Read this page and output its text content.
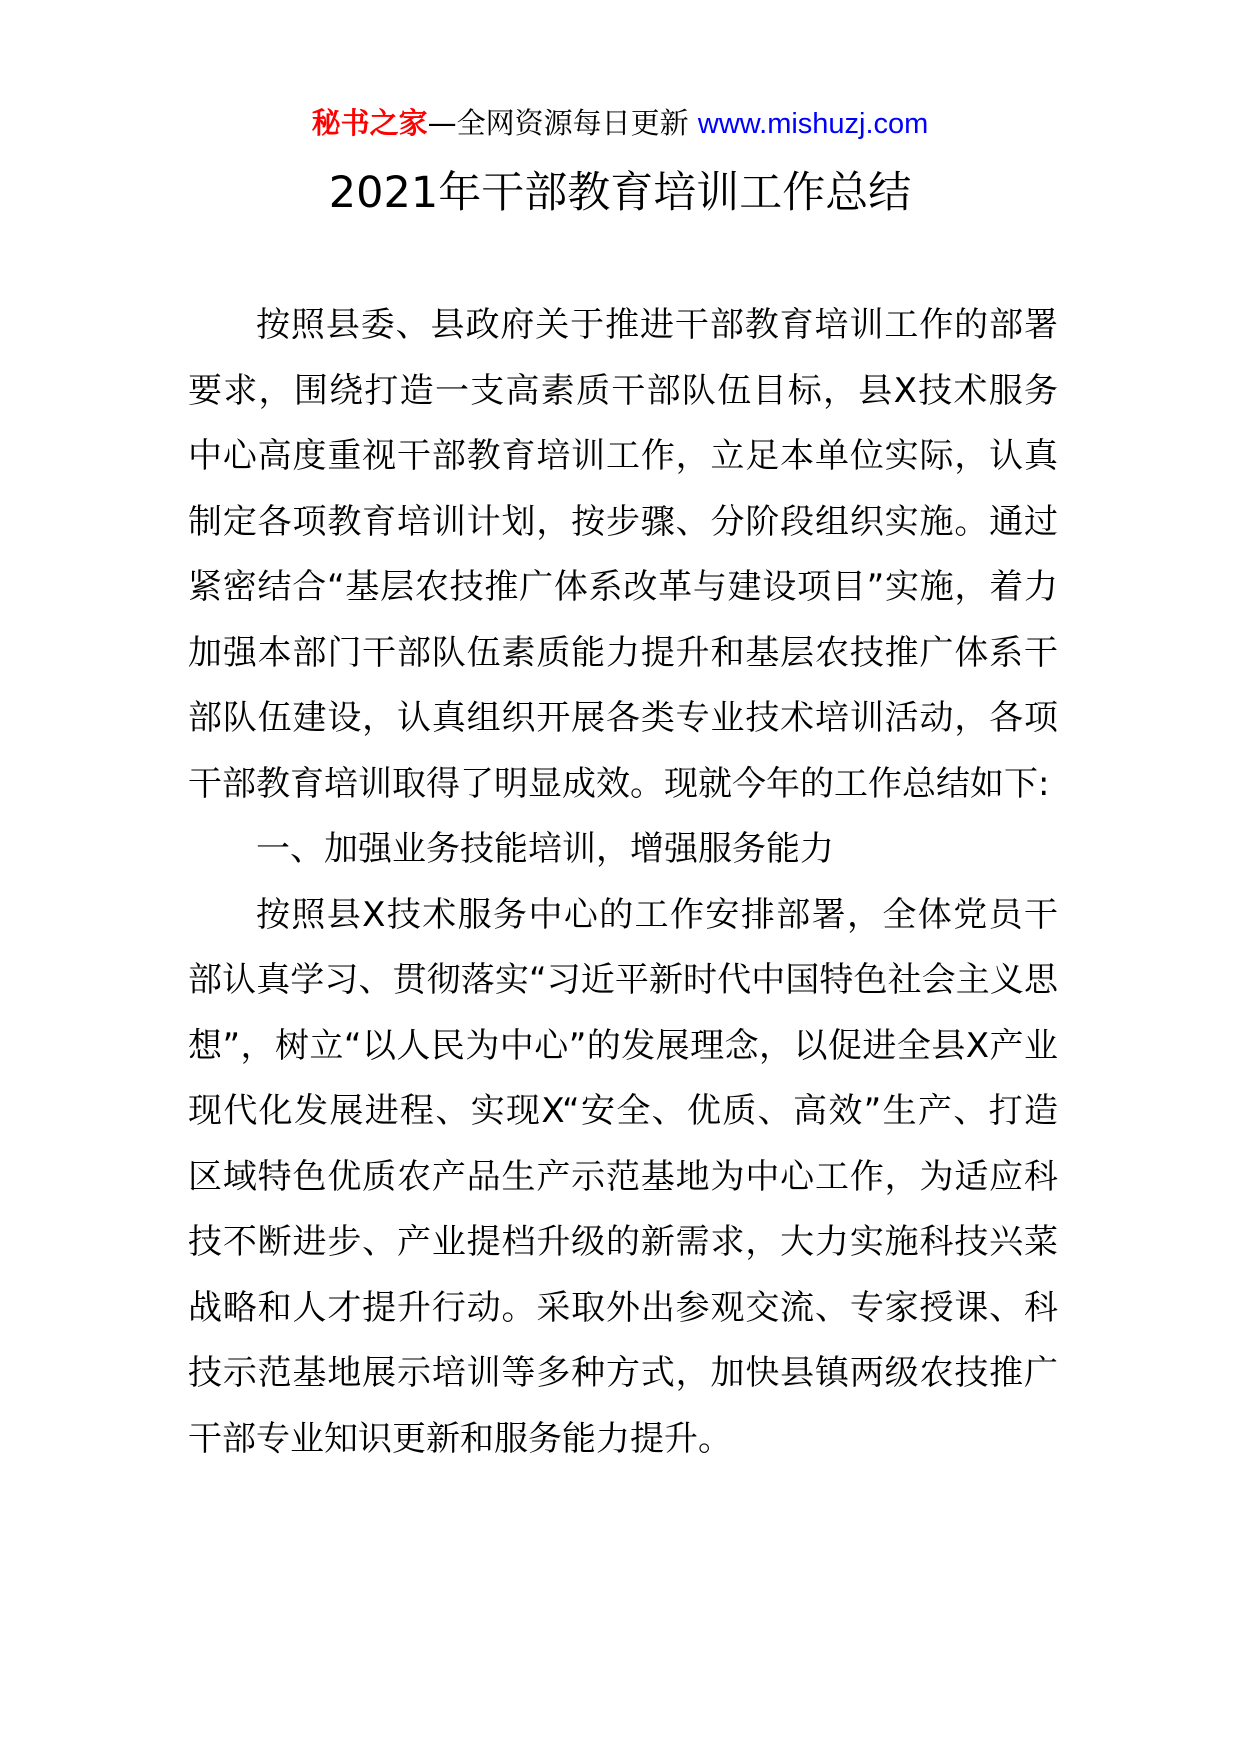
秘书之家—全网资源每日更新 www.mishuzj.com
2021年干部教育培训工作总结

按照县委、县政府关于推进干部教育培训工作的部署要求，围绕打造一支高素质干部队伍目标，县X技术服务中心高度重视干部教育培训工作，立足本单位实际，认真制定各项教育培训计划，按步骤、分阶段组织实施。通过紧密结合“基层农技推广体系改革与建设项目”实施，着力加强本部门干部队伍素质能力提升和基层农技推广体系干部队伍建设，认真组织开展各类专业技术培训活动，各项干部教育培训取得了明显成效。现就今年的工作总结如下:

一、加强业务技能培训，增强服务能力

按照县X技术服务中心的工作安排部署，全体党员干部认真学习、贯彻落实“习近平新时代中国特色社会主义思想”，树立“以人民为中心”的发展理念，以促进全县X产业现代化发展进程、实现X“安全、优质、高效”生产、打造区域特色优质农产品生产示范基地为中心工作，为适应科技不断进步、产业提档升级的新需求，大力实施科技兴菜战略和人才提升行动。采取外出参观交流、专家授课、科技示范基地展示培训等多种方式，加快县镇两级农技推广干部专业知识更新和服务能力提升。
